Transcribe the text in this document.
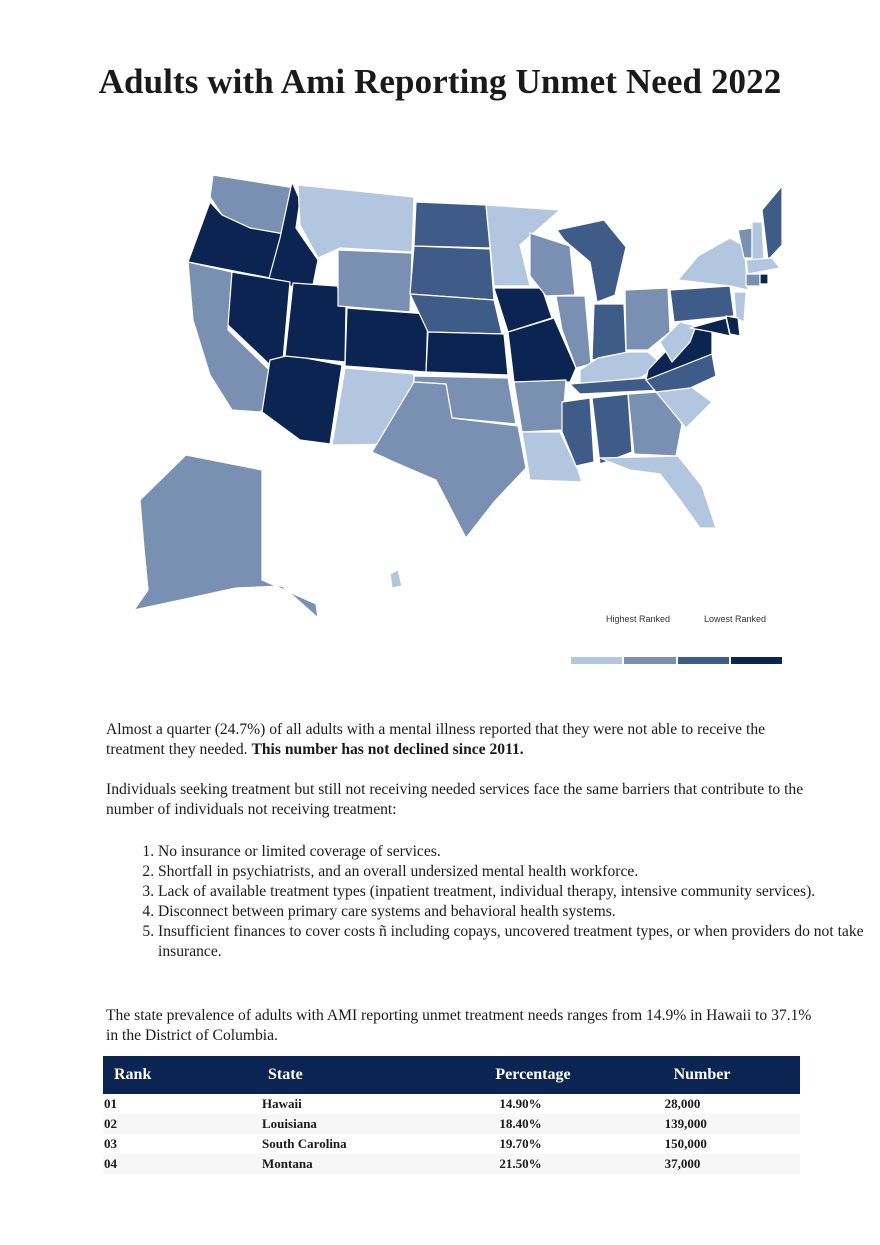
Adults with Ami Reporting Unmet Need 2022
Highest Ranked	Lowest Ranked

Almost a quarter (24.7%) of all adults with a mental illness reported that they were not able to receive the treatment they needed. This number has not declined since 2011.

Individuals seeking treatment but still not receiving needed services face the same barriers that contribute to the number of individuals not receiving treatment:

1. No insurance or limited coverage of services.
2. Shortfall in psychiatrists, and an overall undersized mental health workforce.
3. Lack of available treatment types (inpatient treatment, individual therapy, intensive community services).
4. Disconnect between primary care systems and behavioral health systems.
5. Insufficient finances to cover costs ñ including copays, uncovered treatment types, or when providers do not take insurance.

The state prevalence of adults with AMI reporting unmet treatment needs ranges from 14.9% in Hawaii to 37.1% in the District of Columbia.

Rank	State	Percentage	Number
01	Hawaii	14.90%	28,000
02	Louisiana	18.40%	139,000
03	South Carolina	19.70%	150,000
04	Montana	21.50%	37,000
